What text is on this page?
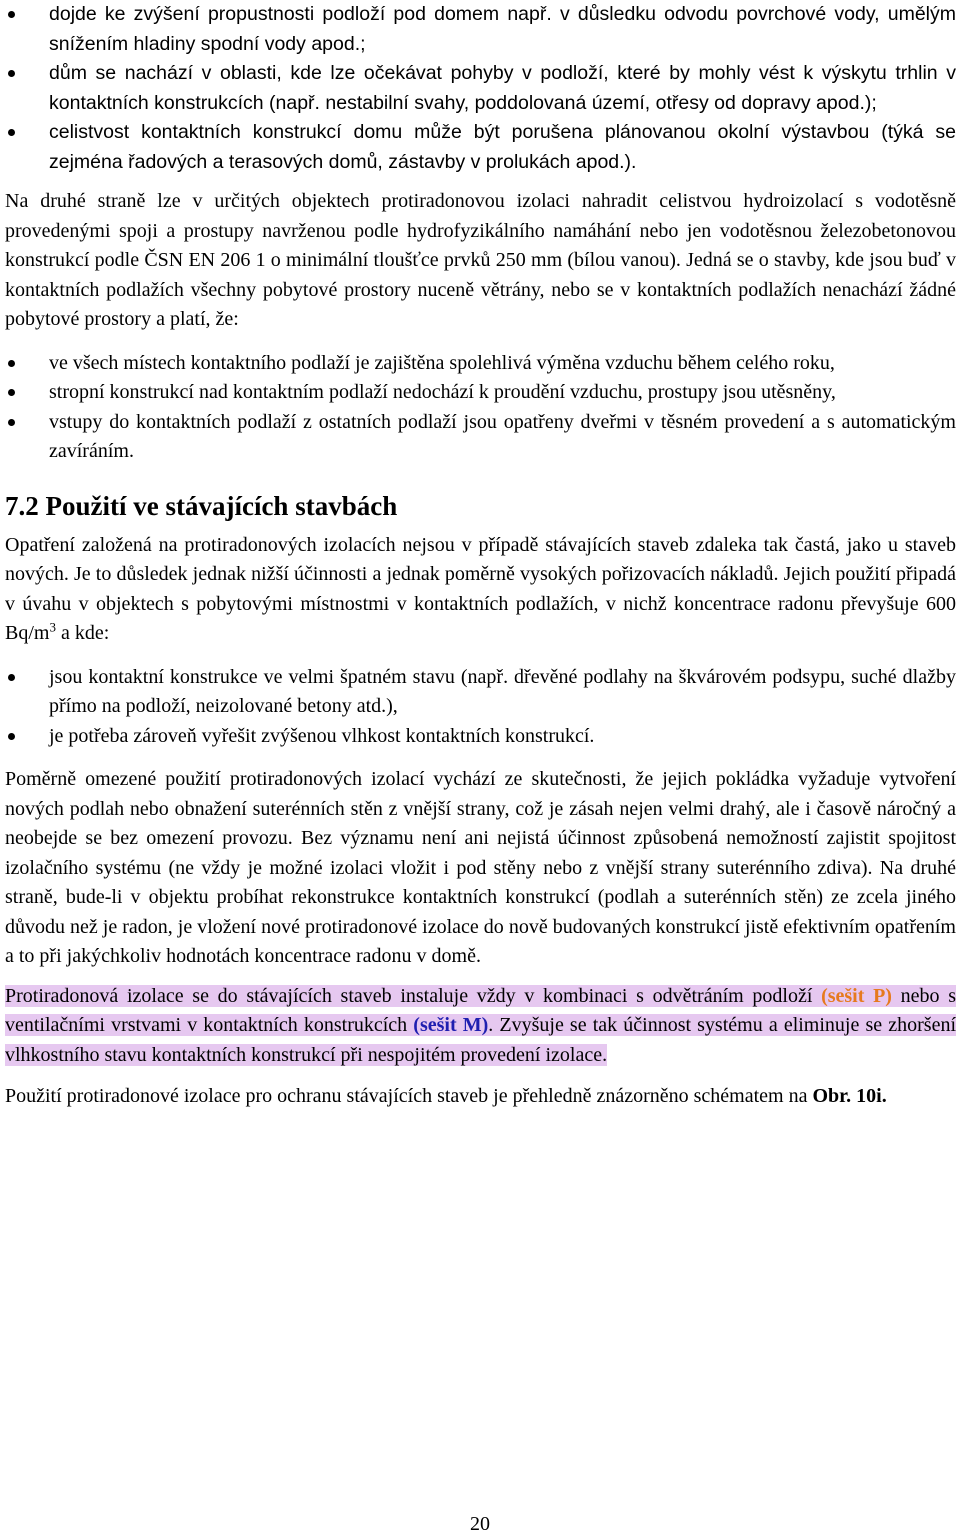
dojde ke zvýšení propustnosti podloží pod domem např. v důsledku odvodu povrchové vody, umělým snížením hladiny spodní vody apod.;
dům se nachází v oblasti, kde lze očekávat pohyby v podloží, které by mohly vést k výskytu trhlin v kontaktních konstrukcích (např. nestabilní svahy, poddolovaná území, otřesy od dopravy apod.);
celistvost kontaktních konstrukcí domu může být porušena plánovanou okolní výstavbou (týká se zejména řadových a terasových domů, zástavby v prolukách apod.).

Na druhé straně lze v určitých objektech protiradonovou izolaci nahradit celistvou hydroizolací s vodotěsně provedenými spoji a prostupy navrženou podle hydrofyzikálního namáhání nebo jen vodotěsnou železobetonovou konstrukcí podle ČSN EN 206 1 o minimální tloušťce prvků 250 mm (bílou vanou). Jedná se o stavby, kde jsou buď v kontaktních podlažích všechny pobytové prostory nuceně větrány, nebo se v kontaktních podlažích nenachází žádné pobytové prostory a platí, že:

ve všech místech kontaktního podlaží je zajištěna spolehlivá výměna vzduchu během celého roku,
stropní konstrukcí nad kontaktním podlaží nedochází k proudění vzduchu, prostupy jsou utěsněny,
vstupy do kontaktních podlaží z ostatních podlaží jsou opatřeny dveřmi v těsném provedení a s automatickým zavíráním.
7.2 Použití ve stávajících stavbách

Opatření založená na protiradonových izolacích nejsou v případě stávajících staveb zdaleka tak častá, jako u staveb nových. Je to důsledek jednak nižší účinnosti a jednak poměrně vysokých pořizovacích nákladů. Jejich použití připadá v úvahu v objektech s pobytovými místnostmi v kontaktních podlažích, v nichž koncentrace radonu převyšuje 600 $Bq/m^3$ a kde:

jsou kontaktní konstrukce ve velmi špatném stavu (např. dřevěné podlahy na škvárovém podsypu, suché dlažby přímo na podloží, neizolované betony atd.),
je potřeba zároveň vyřešit zvýšenou vlhkost kontaktních konstrukcí.

Poměrně omezené použití protiradonových izolací vychází ze skutečnosti, že jejich pokládka vyžaduje vytvoření nových podlah nebo obnažení suterénních stěn z vnější strany, což je zásah nejen velmi drahý, ale i časově náročný a neobejde se bez omezení provozu. Bez významu není ani nejistá účinnost způsobená nemožností zajistit spojitost izolačního systému (ne vždy je možné izolaci vložit i pod stěny nebo z vnější strany suterénního zdiva). Na druhé straně, bude-li v objektu probíhat rekonstrukce kontaktních konstrukcí (podlah a suterénních stěn) ze zcela jiného důvodu než je radon, je vložení nové protiradonové izolace do nově budovaných konstrukcí jistě efektivním opatřením a to při jakýchkoliv hodnotách koncentrace radonu v domě.

Protiradonová izolace se do stávajících staveb instaluje vždy v kombinaci s odvětráním podloží (sešit P) nebo s ventilačními vrstvami v kontaktních konstrukcích (sešit M). Zvyšuje se tak účinnost systému a eliminuje se zhoršení vlhkostního stavu kontaktních konstrukcí při nespojitém provedení izolace.

Použití protiradonové izolace pro ochranu stávajících staveb je přehledně znázorněno schématem na Obr. 10i.

20
